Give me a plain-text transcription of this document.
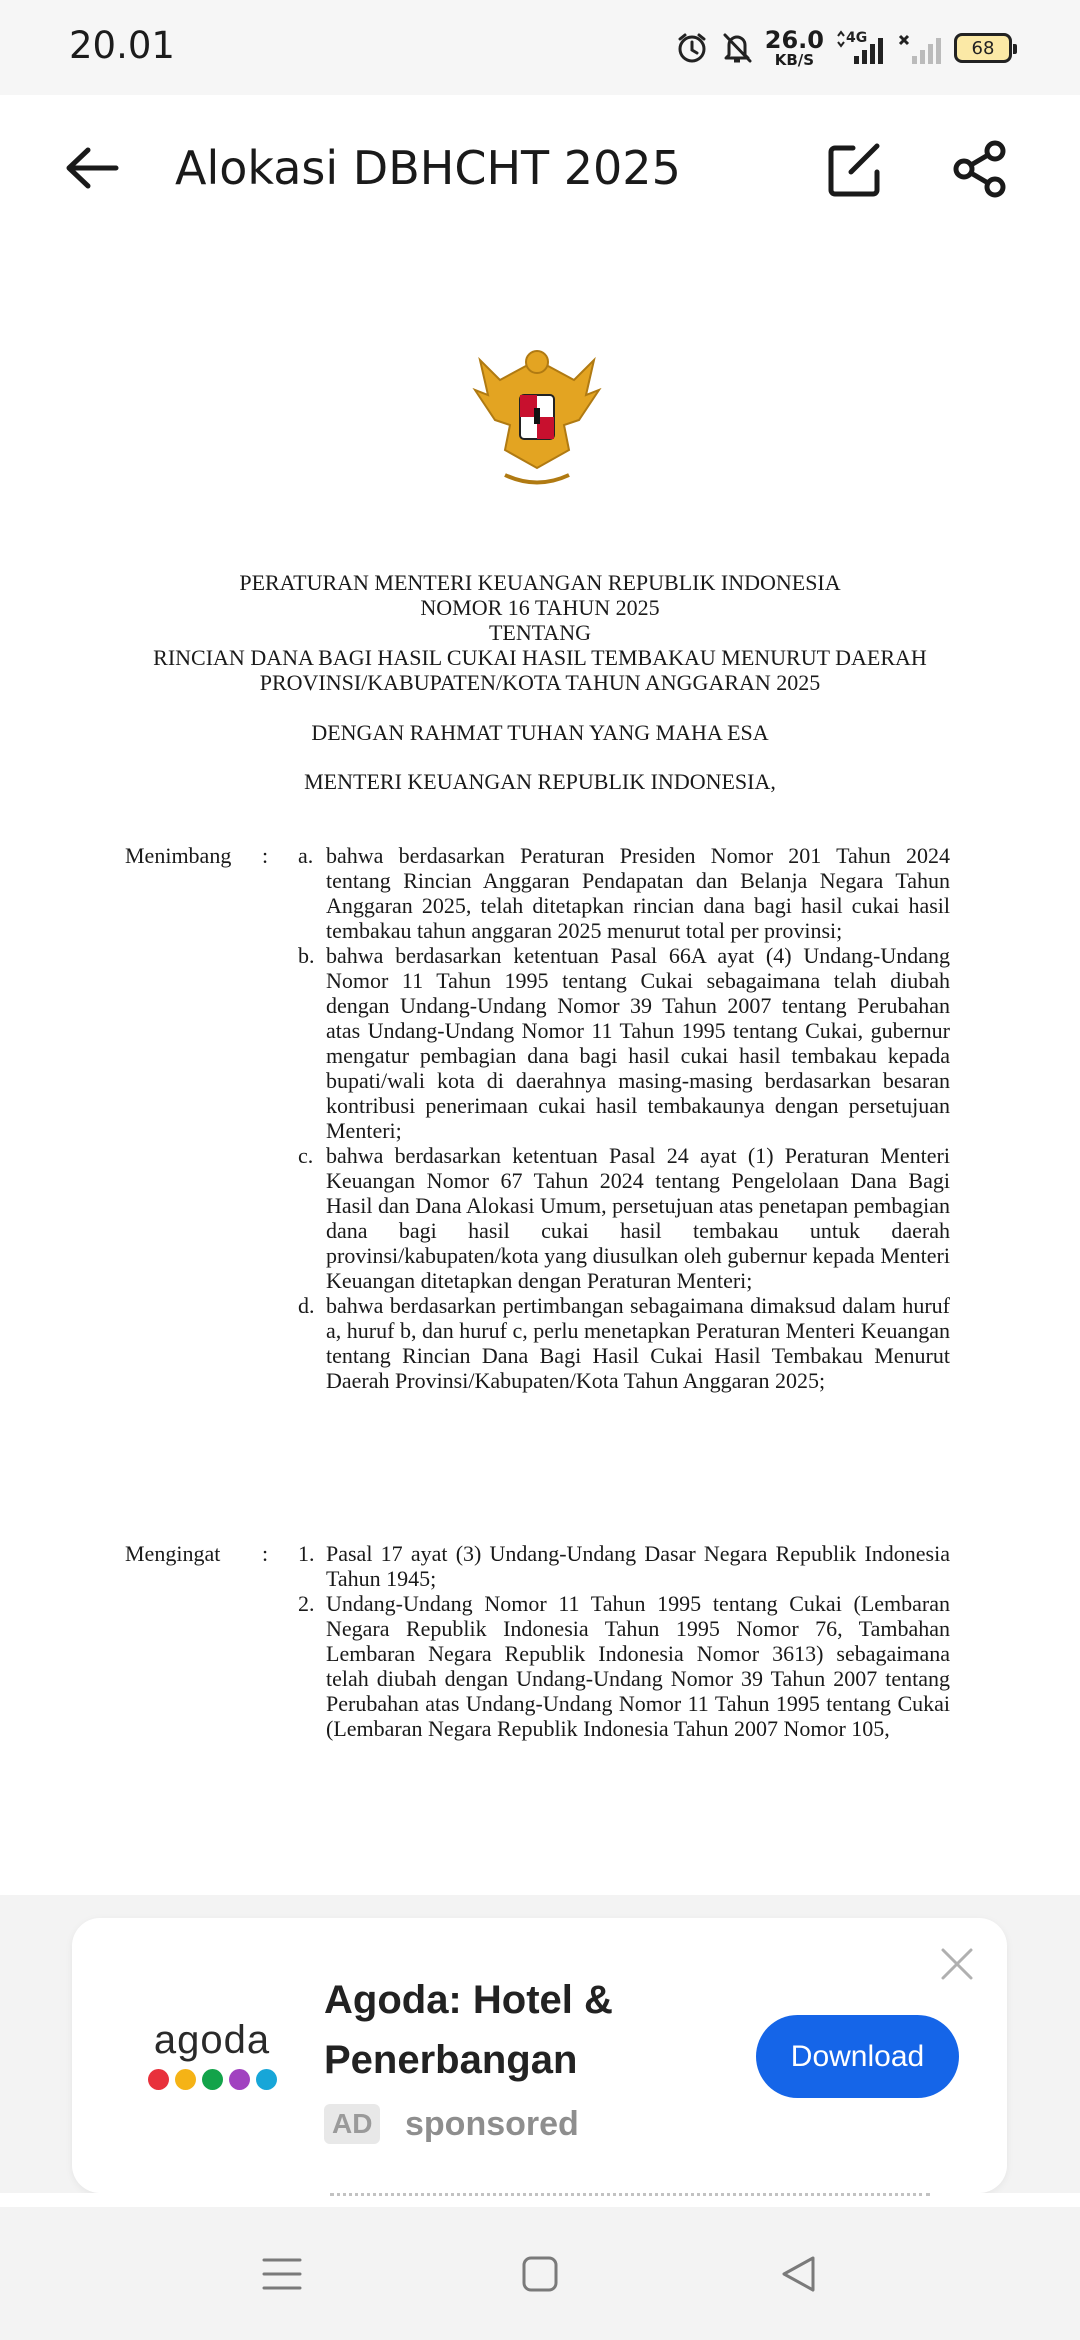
20.01	26.0
KB/S
4G	68
Alokasi DBHCHT 2025
PERATURAN MENTERI KEUANGAN REPUBLIK INDONESIA
NOMOR 16 TAHUN 2025
TENTANG
RINCIAN DANA BAGI HASIL CUKAI HASIL TEMBAKAU MENURUT DAERAH
PROVINSI/KABUPATEN/KOTA TAHUN ANGGARAN 2025
DENGAN RAHMAT TUHAN YANG MAHA ESA
MENTERI KEUANGAN REPUBLIK INDONESIA,
Menimbang : a. bahwa berdasarkan Peraturan Presiden Nomor 201 Tahun 2024 tentang Rincian Anggaran Pendapatan dan Belanja Negara Tahun Anggaran 2025, telah ditetapkan rincian dana bagi hasil cukai hasil tembakau tahun anggaran 2025 menurut total per provinsi;
b. bahwa berdasarkan ketentuan Pasal 66A ayat (4) Undang-Undang Nomor 11 Tahun 1995 tentang Cukai sebagaimana telah diubah dengan Undang-Undang Nomor 39 Tahun 2007 tentang Perubahan atas Undang-Undang Nomor 11 Tahun 1995 tentang Cukai, gubernur mengatur pembagian dana bagi hasil cukai hasil tembakau kepada bupati/wali kota di daerahnya masing-masing berdasarkan besaran kontribusi penerimaan cukai hasil tembakaunya dengan persetujuan Menteri;
c. bahwa berdasarkan ketentuan Pasal 24 ayat (1) Peraturan Menteri Keuangan Nomor 67 Tahun 2024 tentang Pengelolaan Dana Bagi Hasil dan Dana Alokasi Umum, persetujuan atas penetapan pembagian dana bagi hasil cukai hasil tembakau untuk daerah provinsi/kabupaten/kota yang diusulkan oleh gubernur kepada Menteri Keuangan ditetapkan dengan Peraturan Menteri;
d. bahwa berdasarkan pertimbangan sebagaimana dimaksud dalam huruf a, huruf b, dan huruf c, perlu menetapkan Peraturan Menteri Keuangan tentang Rincian Dana Bagi Hasil Cukai Hasil Tembakau Menurut Daerah Provinsi/Kabupaten/Kota Tahun Anggaran 2025;
Mengingat : 1. Pasal 17 ayat (3) Undang-Undang Dasar Negara Republik Indonesia Tahun 1945;
2. Undang-Undang Nomor 11 Tahun 1995 tentang Cukai (Lembaran Negara Republik Indonesia Tahun 1995 Nomor 76, Tambahan Lembaran Negara Republik Indonesia Nomor 3613) sebagaimana telah diubah dengan Undang-Undang Nomor 39 Tahun 2007 tentang Perubahan atas Undang-Undang Nomor 11 Tahun 1995 tentang Cukai (Lembaran Negara Republik Indonesia Tahun 2007 Nomor 105,
agoda
Agoda: Hotel & Penerbangan
AD sponsored
Download
